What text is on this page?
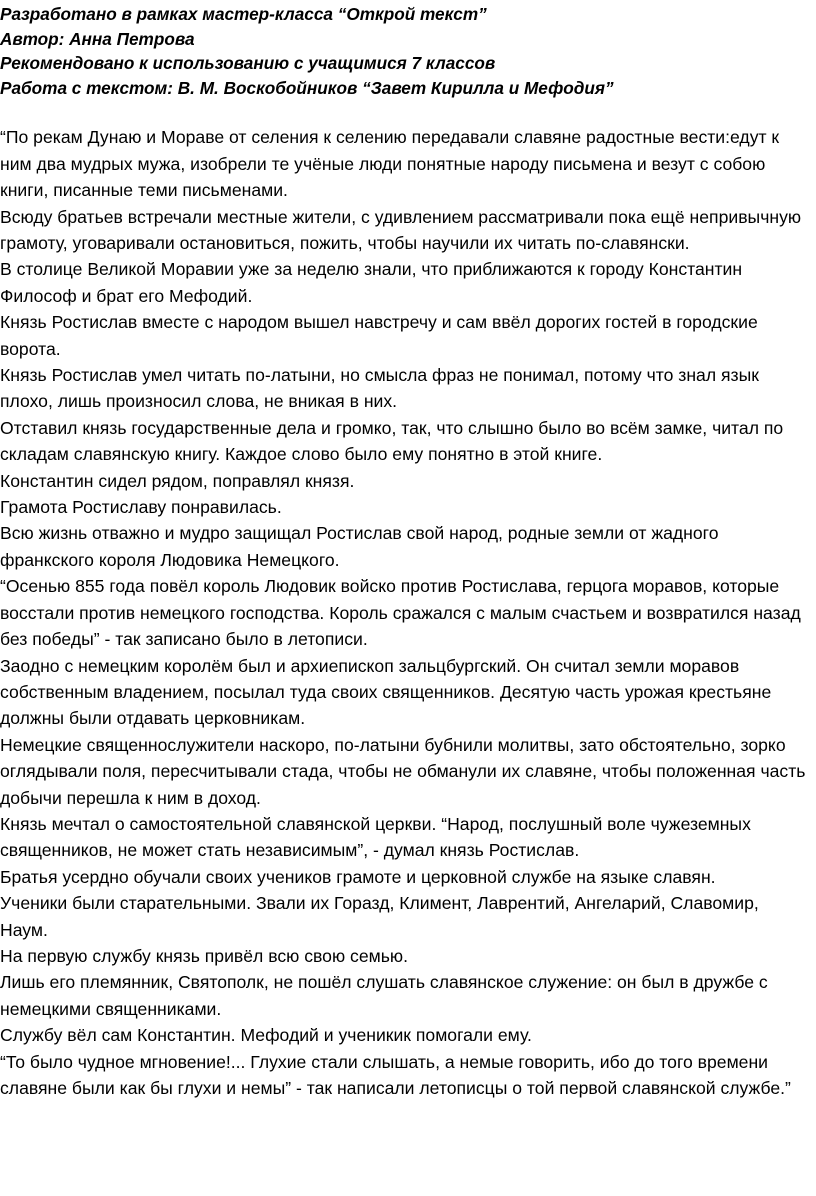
Разработано в рамках мастер-класса “Открой текст”

Автор: Анна Петрова

Рекомендовано к использованию с учащимися 7 классов

Работа с текстом: В. М. Воскобойников “Завет Кирилла и Мефодия”

“По рекам Дунаю и Мораве от селения к селению передавали славяне радостные вести:едут к ним два мудрых мужа, изобрели те учёные люди понятные народу письмена и везут с собою книги, писанные теми письменами.

Всюду братьев встречали местные жители, с удивлением рассматривали пока ещё непривычную грамоту, уговаривали остановиться, пожить, чтобы научили их читать по-славянски.

В столице Великой Моравии уже за неделю знали, что приближаются к городу Константин Философ и брат его Мефодий.

Князь Ростислав вместе с народом вышел навстречу и сам ввёл дорогих гостей в городские ворота.

Князь Ростислав умел читать по-латыни, но смысла фраз не понимал, потому что знал язык плохо, лишь произносил слова, не вникая в них.

Отставил князь государственные дела и громко, так, что слышно было во всём замке, читал по складам славянскую книгу. Каждое слово было ему понятно в этой книге.

Константин сидел рядом, поправлял князя.

Грамота Ростиславу понравилась.

Всю жизнь отважно и мудро защищал Ростислав свой народ, родные земли от жадного франкского короля Людовика Немецкого.

“Осенью 855 года повёл король Людовик войско против Ростислава, герцога моравов, которые восстали против немецкого господства. Король сражался с малым счастьем и возвратился назад без победы” - так записано было в летописи.

Заодно с немецким королём был и архиепископ зальцбургский. Он считал земли моравов собственным владением, посылал туда своих священников. Десятую часть урожая крестьяне должны были отдавать церковникам.

Немецкие священнослужители наскоро, по-латыни бубнили молитвы, зато обстоятельно, зорко оглядывали поля, пересчитывали стада, чтобы не обманули их славяне, чтобы положенная часть добычи перешла к ним в доход.

Князь мечтал о самостоятельной славянской церкви. “Народ, послушный воле чужеземных священников, не может стать независимым”, - думал князь Ростислав.

Братья усердно обучали своих учеников грамоте и церковной службе на языке славян.

Ученики были старательными. Звали их Горазд, Климент, Лаврентий, Ангеларий, Славомир, Наум.

На первую службу князь привёл всю свою семью.

Лишь его племянник, Святополк, не пошёл слушать славянское служение: он был в дружбе с немецкими священниками.

Службу вёл сам Константин. Мефодий и ученикик помогали ему.

“То было чудное мгновение!... Глухие стали слышать, а немые говорить, ибо до того времени славяне были как бы глухи и немы” - так написали летописцы о той первой славянской службе.”
